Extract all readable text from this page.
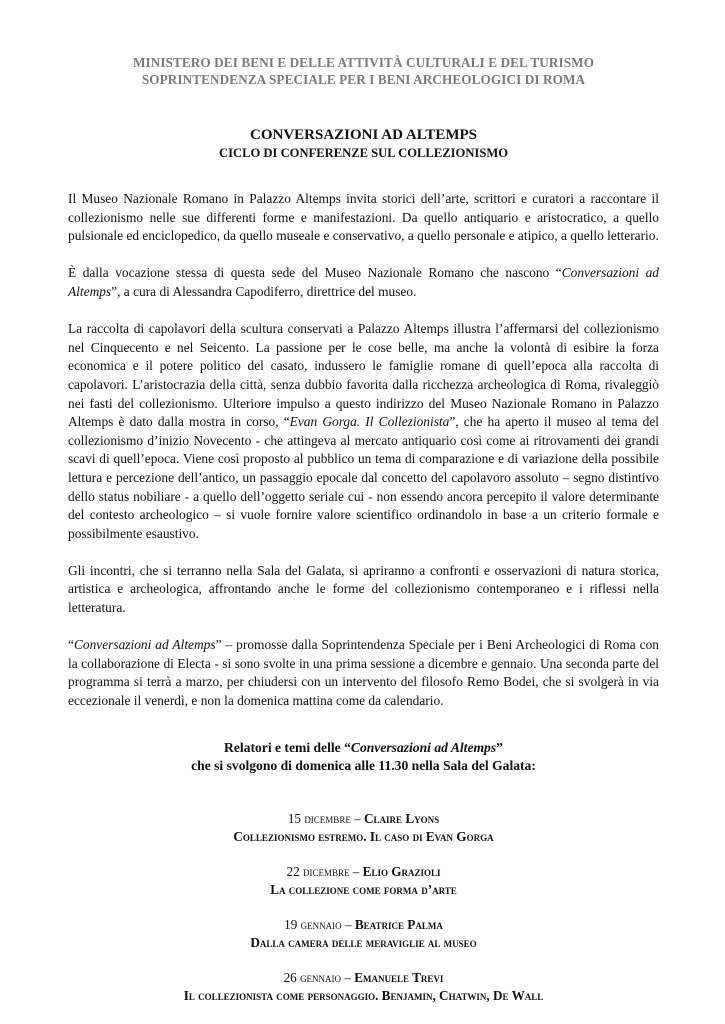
MINISTERO DEI BENI E DELLE ATTIVITÀ CULTURALI E DEL TURISMO
SOPRINTENDENZA SPECIALE PER I BENI ARCHEOLOGICI DI ROMA
CONVERSAZIONI AD ALTEMPS
CICLO DI CONFERENZE SUL COLLEZIONISMO

Il Museo Nazionale Romano in Palazzo Altemps invita storici dell’arte, scrittori e curatori a raccontare il collezionismo nelle sue differenti forme e manifestazioni. Da quello antiquario e aristocratico, a quello pulsionale ed enciclopedico, da quello museale e conservativo, a quello personale e atipico, a quello letterario.

È dalla vocazione stessa di questa sede del Museo Nazionale Romano che nascono “Conversazioni ad Altemps”, a cura di Alessandra Capodiferro, direttrice del museo.

La raccolta di capolavori della scultura conservati a Palazzo Altemps illustra l’affermarsi del collezionismo nel Cinquecento e nel Seicento. La passione per le cose belle, ma anche la volontà di esibire la forza economica e il potere politico del casato, indussero le famiglie romane di quell’epoca alla raccolta di capolavori. L’aristocrazia della città, senza dubbio favorita dalla ricchezza archeologica di Roma, rivaleggiò nei fasti del collezionismo. Ulteriore impulso a questo indirizzo del Museo Nazionale Romano in Palazzo Altemps è dato dalla mostra in corso, “Evan Gorga. Il Collezionista”, che ha aperto il museo al tema del collezionismo d’inizio Novecento - che attingeva al mercato antiquario così come ai ritrovamenti dei grandi scavi di quell’epoca. Viene così proposto al pubblico un tema di comparazione e di variazione della possibile lettura e percezione dell’antico, un passaggio epocale dal concetto del capolavoro assoluto – segno distintivo dello status nobiliare - a quello dell’oggetto seriale cui - non essendo ancora percepito il valore determinante del contesto archeologico – si vuole fornire valore scientifico ordinandolo in base a un criterio formale e possibilmente esaustivo.

Gli incontri, che si terranno nella Sala del Galata, si apriranno a confronti e osservazioni di natura storica, artistica e archeologica, affrontando anche le forme del collezionismo contemporaneo e i riflessi nella letteratura.

“Conversazioni ad Altemps” – promosse dalla Soprintendenza Speciale per i Beni Archeologici di Roma con la collaborazione di Electa - si sono svolte in una prima sessione a dicembre e gennaio. Una seconda parte del programma si terrà a marzo, per chiudersi con un intervento del filosofo Remo Bodei, che si svolgerà in via eccezionale il venerdì, e non la domenica mattina come da calendario.

Relatori e temi delle “Conversazioni ad Altemps”
che si svolgono di domenica alle 11.30 nella Sala del Galata:
15 dicembre – Claire Lyons
Collezionismo estremo. Il caso di Evan Gorga
22 dicembre – Elio Grazioli
La collezione come forma d’arte
19 gennaio – Beatrice Palma
Dalla camera delle meraviglie al museo
26 gennaio – Emanuele Trevi
Il collezionista come personaggio. Benjamin, Chatwin, De Wall
